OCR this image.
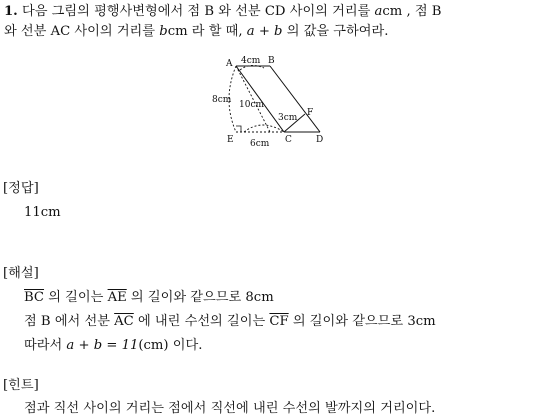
1. 다음 그림의 평행사변형에서 점 B 와 선분 CD 사이의 거리를 acm , 점 B
와 선분 AC 사이의 거리를 bcm 라 할 때, a + b 의 값을 구하여라.
A	B
C	D
E
F
4cm
8cm 10cm
3cm
6cm
[정답]
11cm
[해설]
$\overline{BC}$ 의 길이는 $\overline{AE}$ 의 길이와 같으므로 8cm
점 B 에서 선분 $\overline{AC}$ 에 내린 수선의 길이는 $\overline{CF}$ 의 길이와 같으므로 3cm
따라서 a + b = 11(cm) 이다.
[힌트]
점과 직선 사이의 거리는 점에서 직선에 내린 수선의 발까지의 거리이다.
